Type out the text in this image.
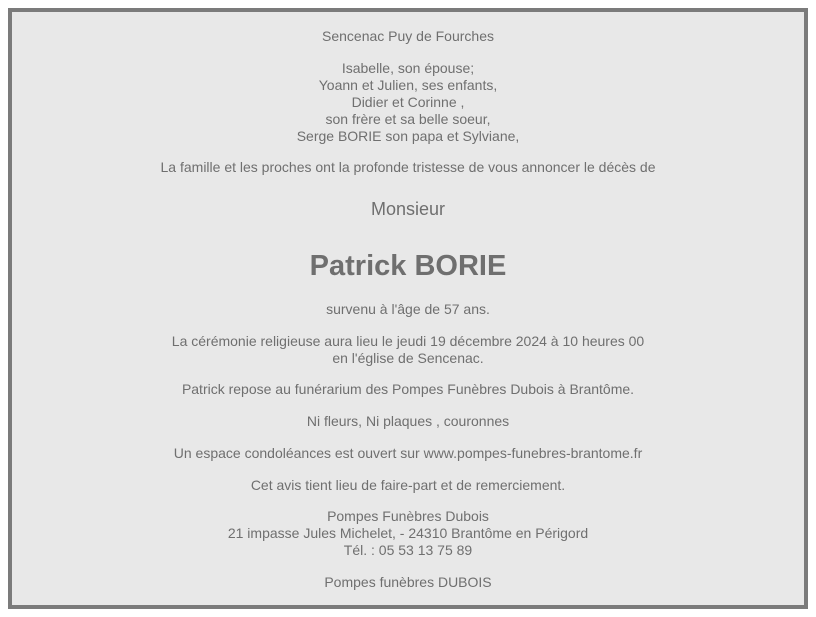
Sencenac Puy de Fourches
Isabelle, son épouse;
Yoann et Julien, ses enfants,
Didier et Corinne ,
son frère et sa belle soeur,
Serge BORIE son papa et Sylviane,
La famille et les proches ont la profonde tristesse de vous annoncer le décès de
Monsieur
Patrick BORIE
survenu à l'âge de 57 ans.
La cérémonie religieuse aura lieu le jeudi 19 décembre 2024 à 10 heures 00
en l'église de Sencenac.
Patrick repose au funérarium des Pompes Funèbres Dubois à Brantôme.
Ni fleurs, Ni plaques , couronnes
Un espace condoléances est ouvert sur www.pompes-funebres-brantome.fr
Cet avis tient lieu de faire-part et de remerciement.
Pompes Funèbres Dubois
21 impasse Jules Michelet, - 24310 Brantôme en Périgord
Tél. : 05 53 13 75 89
Pompes funèbres DUBOIS
